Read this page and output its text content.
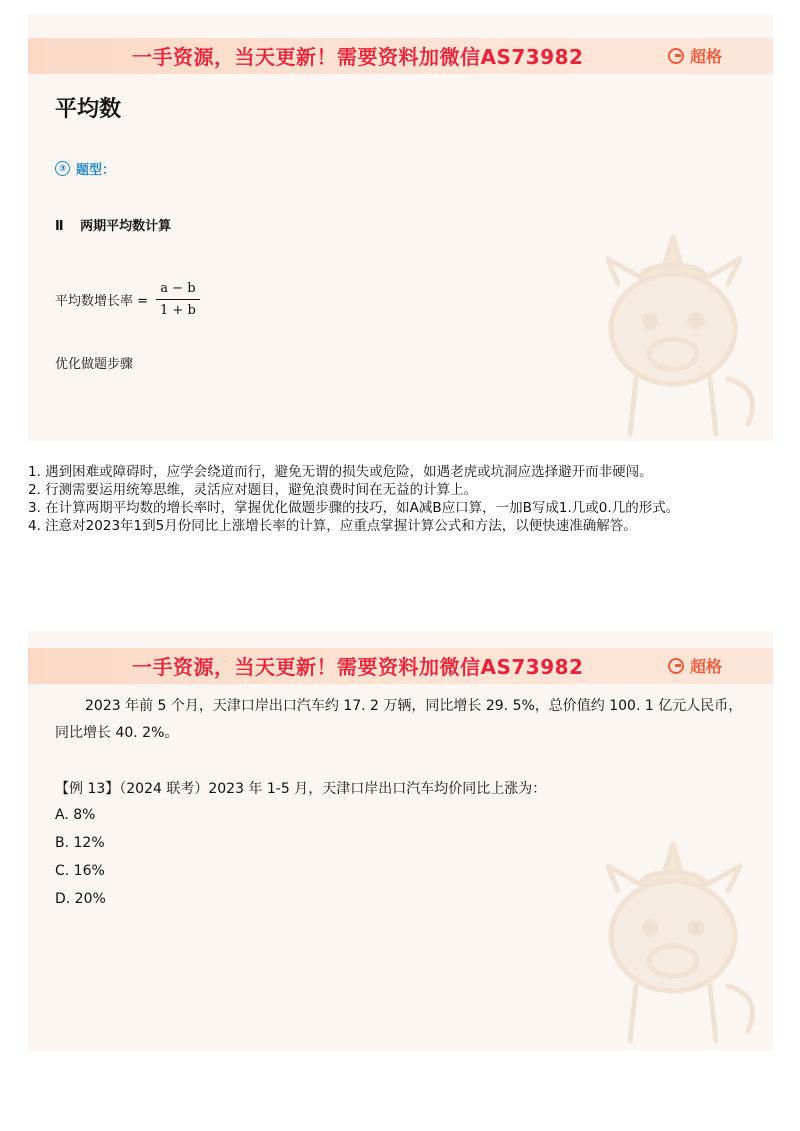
一手资源，当天更新！需要资料加微信AS73982	超格
平均数
③ 题型：
Ⅱ 两期平均数计算
平均数增长率 = $\frac{a - b}{1 + b}$
优化做题步骤

1. 遇到困难或障碍时，应学会绕道而行，避免无谓的损失或危险，如遇老虎或坑洞应选择避开而非硬闯。

2. 行测需要运用统筹思维，灵活应对题目，避免浪费时间在无益的计算上。

3. 在计算两期平均数的增长率时，掌握优化做题步骤的技巧，如A减B应口算，一加B写成1.几或0.几的形式。

4. 注意对2023年1到5月份同比上涨增长率的计算，应重点掌握计算公式和方法，以便快速准确解答。

一手资源，当天更新！需要资料加微信AS73982	超格
2023 年前 5 个月，天津口岸出口汽车约 17. 2 万辆，同比增长 29. 5%，总价值约 100. 1 亿元人民币，同比增长 40. 2%。
【例 13】（2024 联考）2023 年 1-5 月，天津口岸出口汽车均价同比上涨为：
A. 8%
B. 12%
C. 16%
D. 20%
